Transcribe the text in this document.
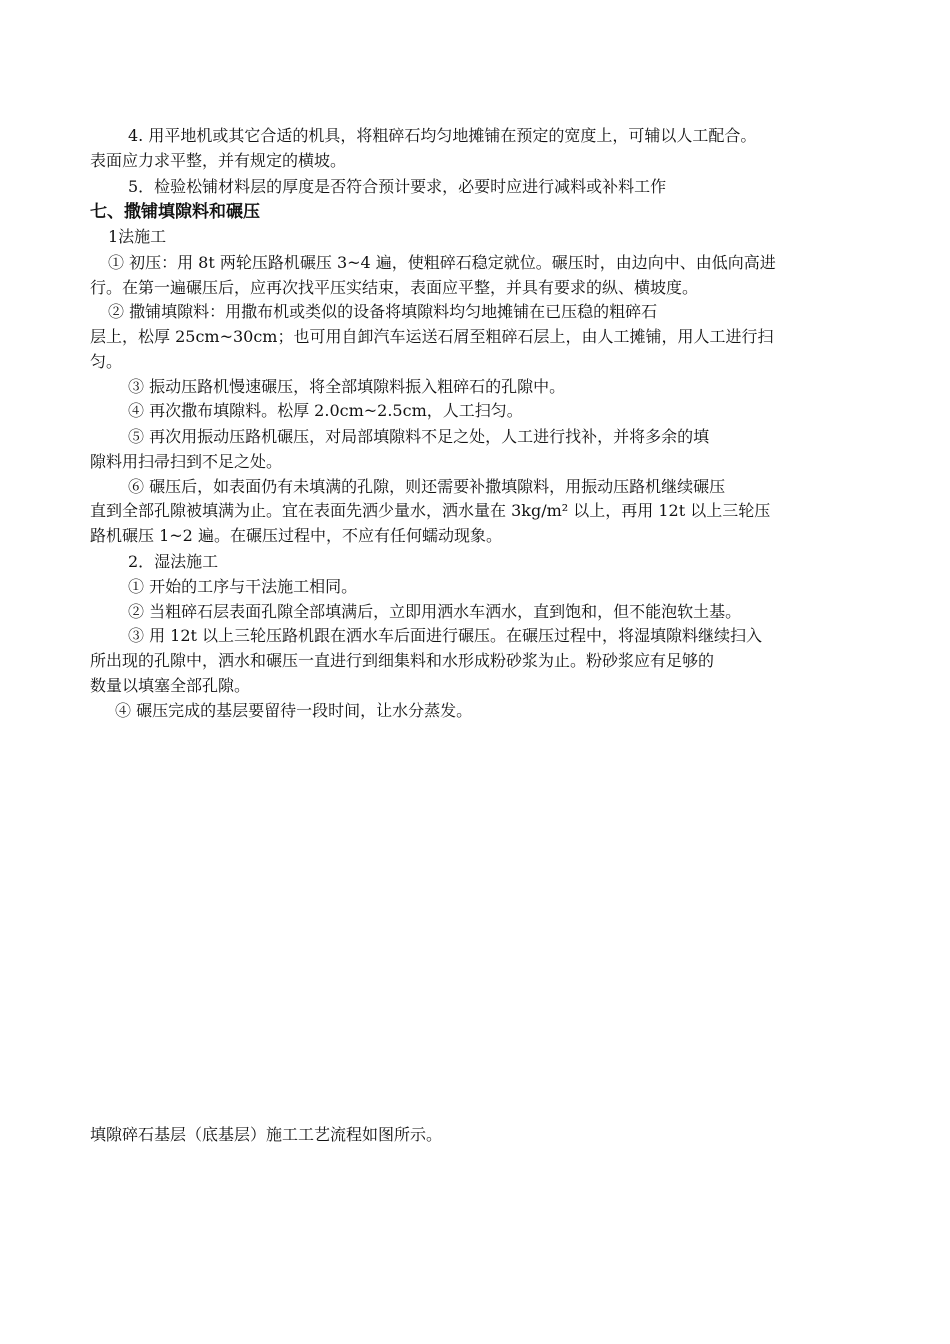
4. 用平地机或其它合适的机具，将粗碎石均匀地摊铺在预定的宽度上，可辅以人工配合。
表面应力求平整，并有规定的横坡。
5．检验松铺材料层的厚度是否符合预计要求，必要时应进行减料或补料工作
七、撒铺填隙料和碾压
1法施工
① 初压：用 8t 两轮压路机碾压 3~4 遍，使粗碎石稳定就位。碾压时，由边向中、由低向高进
行。在第一遍碾压后，应再次找平压实结束，表面应平整，并具有要求的纵、横坡度。
② 撒铺填隙料：用撒布机或类似的设备将填隙料均匀地摊铺在已压稳的粗碎石
层上，松厚 25cm~30cm；也可用自卸汽车运送石屑至粗碎石层上，由人工摊铺，用人工进行扫
匀。
③ 振动压路机慢速碾压，将全部填隙料振入粗碎石的孔隙中。
④ 再次撒布填隙料。松厚 2.0cm~2.5cm，人工扫匀。
⑤ 再次用振动压路机碾压，对局部填隙料不足之处，人工进行找补，并将多余的填
隙料用扫帚扫到不足之处。
⑥ 碾压后，如表面仍有未填满的孔隙，则还需要补撒填隙料，用振动压路机继续碾压
直到全部孔隙被填满为止。宜在表面先洒少量水，洒水量在 3kg/m² 以上，再用 12t 以上三轮压
路机碾压 1~2 遍。在碾压过程中，不应有任何蠕动现象。
2．湿法施工
① 开始的工序与干法施工相同。
② 当粗碎石层表面孔隙全部填满后，立即用洒水车洒水，直到饱和，但不能泡软土基。
③ 用 12t 以上三轮压路机跟在洒水车后面进行碾压。在碾压过程中，将湿填隙料继续扫入
所出现的孔隙中，洒水和碾压一直进行到细集料和水形成粉砂浆为止。粉砂浆应有足够的
数量以填塞全部孔隙。
④ 碾压完成的基层要留待一段时间，让水分蒸发。
填隙碎石基层（底基层）施工工艺流程如图所示。
